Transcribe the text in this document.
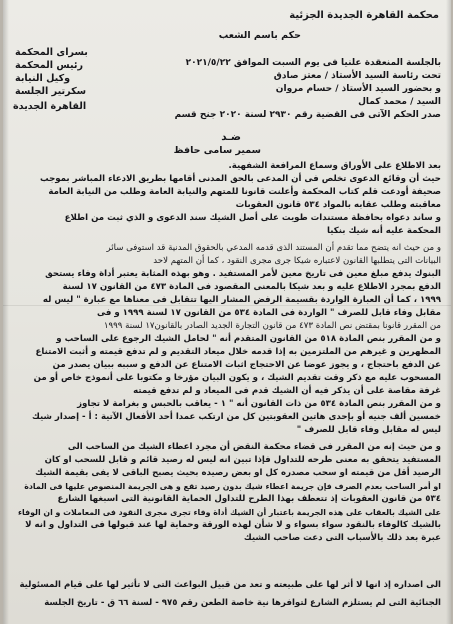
محكمة القاهرة الجديدة الجزئية
حكم باسم الشعب
بسراى المحكمة
رئيس المحكمة
وكيل النيابة
سكرتير الجلسة
القاهرة الجديدة
بالجلسة المنعقدة علنيا فى يوم السبت الموافق ٢٠٢١/٥/٢٢
تحت رئاسة السيد الأستاذ / معتز صادق
و بحضور السيد الأستاذ / حسام مروان
السيد / محمد كمال
صدر الحكم الآتى فى القضية رقم ٢٩٣٠ لسنة ٢٠٢٠ جنح قسم
ضـد
سمير سامى حافظ
بعد الاطلاع على الأوراق وسماع المرافعة الشفهية.
حيث أن وقائع الدعوى تخلص فى أن المدعى بالحق المدنى أقامها بطريق الادعاء المباشر بموجب
صحيفة أودعت قلم كتاب المحكمة وأعلنت قانونا للمتهم والنيابة العامة وطلب من النيابة العامة
معاقبته وطلب عقابه بالمواد ٥٣٤ قانون العقوبات
و ساند دعواه بحافظة مستندات طويت على أصل الشيك سند الدعوى و الذي ثبت من اطلاع
المحكمة عليه أنه شيك بنكيا
و من حيث انه يتضح مما تقدم أن المستند الذى قدمه المدعي بالحقوق المدنية قد استوفى سائر
البيانات التى يتطلبها القانون لاعتباره شيكا جرى مجرى النقود ، كما أن المتهم لاحد
البنوك يدفع مبلغ معين فى تاريخ معين لأمر المستفيد . وهو بهذه المثابة يعتبر أداة وفاء يستحق
الدفع بمجرد الاطلاع عليه و بعد شيكا بالمعنى المقصود فى المادة ٤٧٣ من القانون ١٧ لسنة
١٩٩٩ ، كما أن العبارة الواردة بقسيمة الرفض المشار اليها تتقابل فى معناها مع عبارة " ليس له
مقابل وفاء قابل للصرف " الواردة فى المادة ٥٣٤ من القانون ١٧ لسنة ١٩٩٩ و فى
من المقرر قانونا بمقتض نص المادة ٤٧٣ من قانون التجارة الجديد الصادر بالقانون١٧ لسنة ١٩٩٩
و من المقرر بنص المادة ٥١٨ من القانون المتقدم أنه " لحامل الشيك الرجوع على الساحب و
المظهرين و غيرهم من الملتزمين به إذا قدمه خلال ميعاد التقديم و لم تدفع قيمته و أثبت الامتناع
عن الدفع باحتجاج ، و يجوز عوضا عن الاحتجاج اثبات الامتناع عن الدفع و سببه ببيان يصدر من
المسحوب عليه مع ذكر وقت تقديم الشيك ، و يكون البيان مؤرخا و مكتوبا على أنموذج خاص أو من
غرفة مقاصة على أن يذكر فيه أن الشيك قدم فى الميعاد و لم تدفع قيمته
و من المقرر بنص المادة ٥٣٤ من ذات القانون أنه " ١ - يعاقب بالحبس و بغرامة لا تجاوز
خمسين ألف جنيه أو بإحدى هاتين العقوبتين كل من ارتكب عمدا أحد الأفعال الآتية : أ - إصدار شيك
ليس له مقابل وفاء قابل للصرف "
و من حيث إنه من المقرر فى قضاء محكمة النقض أن مجرد اعطاء الشيك من الساحب الى
المستفيد يتحقق به معنى طرحه للتداول فإذا تبين انه ليس له رصيد قائم و قابل للسحب او كان
الرصيد أقل من قيمته او سحب مصدره كل او بعض رصيده بحيث يصبح الباقى لا يفى بقيمة الشيك
او أمر الساحب بعدم الصرف فإن جريمة اعطاء شيك بدون رصيد تقع و هى الجريمة المنصوص عليها فى المادة
٥٣٤ من قانون العقوبات إذ تتعطف بهذا الطرح للتداول الحماية القانونية التى اسبغها الشارع
على الشيك بالعقاب على هذه الجريمة باعتبار أن الشيك أداة وفاء تجرى مجرى النقود فى المعاملات و ان الوفاء
بالشيك كالوفاء بالنقود سواء بسواء و لا شأن لهذه الورقة وحماية لها عند قبولها فى التداول و انه لا
عبرة بعد ذلك بالأسباب التى دعت صاحب الشيك
الى اصداره إذ انها لا أثر لها على طبيعته و تعد من قبيل البواعث التى لا تأثير لها على قيام المسئولية
الجنائية التى لم يستلزم الشارع لتوافرها نية خاصة الطعن رقم ٩٧٥ - لسنة ٦٦ ق - تاريخ الجلسة
